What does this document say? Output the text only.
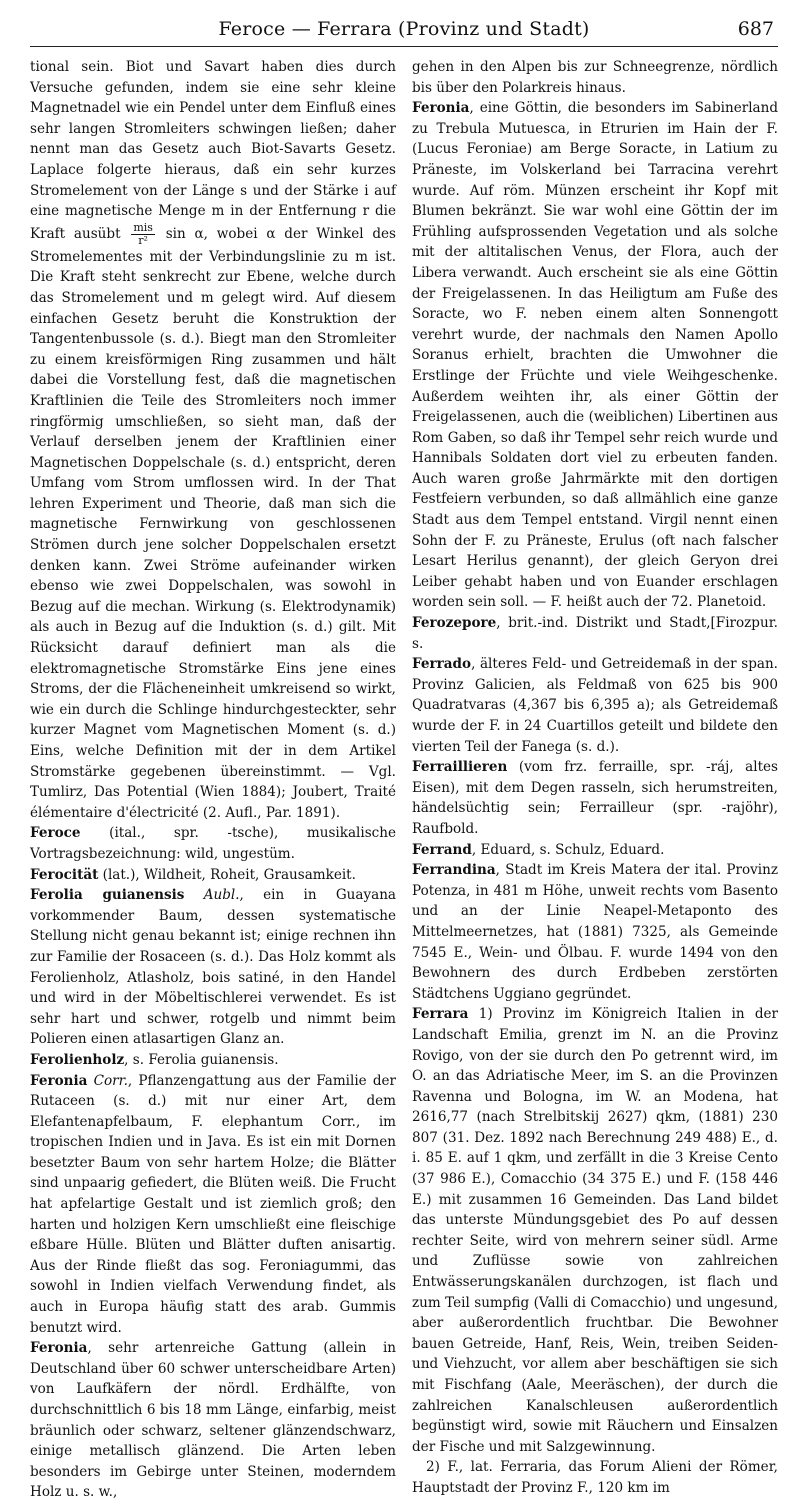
Feroce — Ferrara (Provinz und Stadt)	687

tional sein. Biot und Savart haben dies durch Versuche gefunden, indem sie eine sehr kleine Magnetnadel wie ein Pendel unter dem Einfluß eines sehr langen Stromleiters schwingen ließen; daher nennt man das Gesetz auch Biot-Savarts Gesetz. Laplace folgerte hieraus, daß ein sehr kurzes Stromelement von der Länge s und der Stärke i auf eine magnetische Menge m in der Entfernung r die Kraft ausübt $\frac{\text{mis}}{\text{r²}}$ sin α, wobei α der Winkel des Stromelementes mit der Verbindungslinie zu m ist. Die Kraft steht senkrecht zur Ebene, welche durch das Stromelement und m gelegt wird. Auf diesem einfachen Gesetz beruht die Konstruktion der Tangentenbussole (s. d.). Biegt man den Stromleiter zu einem kreisförmigen Ring zusammen und hält dabei die Vorstellung fest, daß die magnetischen Kraftlinien die Teile des Stromleiters noch immer ringförmig umschließen, so sieht man, daß der Verlauf derselben jenem der Kraftlinien einer Magnetischen Doppelschale (s. d.) entspricht, deren Umfang vom Strom umflossen wird. In der That lehren Experiment und Theorie, daß man sich die magnetische Fernwirkung von geschlossenen Strömen durch jene solcher Doppelschalen ersetzt denken kann. Zwei Ströme aufeinander wirken ebenso wie zwei Doppelschalen, was sowohl in Bezug auf die mechan. Wirkung (s. Elektrodynamik) als auch in Bezug auf die Induktion (s. d.) gilt. Mit Rücksicht darauf definiert man als die elektromagnetische Stromstärke Eins jene eines Stroms, der die Flächeneinheit umkreisend so wirkt, wie ein durch die Schlinge hindurchgesteckter, sehr kurzer Magnet vom Magnetischen Moment (s. d.) Eins, welche Definition mit der in dem Artikel Stromstärke gegebenen übereinstimmt. — Vgl. Tumlirz, Das Potential (Wien 1884); Joubert, Traité élémentaire d'électricité (2. Aufl., Par. 1891).

Feroce (ital., spr. -tsche), musikalische Vortragsbezeichnung: wild, ungestüm.

Ferocität (lat.), Wildheit, Roheit, Grausamkeit.

Ferolia guianensis Aubl., ein in Guayana vorkommender Baum, dessen systematische Stellung nicht genau bekannt ist; einige rechnen ihn zur Familie der Rosaceen (s. d.). Das Holz kommt als Ferolienholz, Atlasholz, bois satiné, in den Handel und wird in der Möbeltischlerei verwendet. Es ist sehr hart und schwer, rotgelb und nimmt beim Polieren einen atlasartigen Glanz an.

Ferolienholz, s. Ferolia guianensis.

Feronia Corr., Pflanzengattung aus der Familie der Rutaceen (s. d.) mit nur einer Art, dem Elefantenapfelbaum, F. elephantum Corr., im tropischen Indien und in Java. Es ist ein mit Dornen besetzter Baum von sehr hartem Holze; die Blätter sind unpaarig gefiedert, die Blüten weiß. Die Frucht hat apfelartige Gestalt und ist ziemlich groß; den harten und holzigen Kern umschließt eine fleischige eßbare Hülle. Blüten und Blätter duften anisartig. Aus der Rinde fließt das sog. Feroniagummi, das sowohl in Indien vielfach Verwendung findet, als auch in Europa häufig statt des arab. Gummis benutzt wird.

Feronia, sehr artenreiche Gattung (allein in Deutschland über 60 schwer unterscheidbare Arten) von Laufkäfern der nördl. Erdhälfte, von durchschnittlich 6 bis 18 mm Länge, einfarbig, meist bräunlich oder schwarz, seltener glänzendschwarz, einige metallisch glänzend. Die Arten leben besonders im Gebirge unter Steinen, moderndem Holz u. s. w.,

gehen in den Alpen bis zur Schneegrenze, nördlich bis über den Polarkreis hinaus.

Feronia, eine Göttin, die besonders im Sabinerland zu Trebula Mutuesca, in Etrurien im Hain der F. (Lucus Feroniae) am Berge Soracte, in Latium zu Präneste, im Volskerland bei Tarracina verehrt wurde. Auf röm. Münzen erscheint ihr Kopf mit Blumen bekränzt. Sie war wohl eine Göttin der im Frühling aufsprossenden Vegetation und als solche mit der altitalischen Venus, der Flora, auch der Libera verwandt. Auch erscheint sie als eine Göttin der Freigelassenen. In das Heiligtum am Fuße des Soracte, wo F. neben einem alten Sonnengott verehrt wurde, der nachmals den Namen Apollo Soranus erhielt, brachten die Umwohner die Erstlinge der Früchte und viele Weihgeschenke. Außerdem weihten ihr, als einer Göttin der Freigelassenen, auch die (weiblichen) Libertinen aus Rom Gaben, so daß ihr Tempel sehr reich wurde und Hannibals Soldaten dort viel zu erbeuten fanden. Auch waren große Jahrmärkte mit den dortigen Festfeiern verbunden, so daß allmählich eine ganze Stadt aus dem Tempel entstand. Virgil nennt einen Sohn der F. zu Präneste, Erulus (oft nach falscher Lesart Herilus genannt), der gleich Geryon drei Leiber gehabt haben und von Euander erschlagen worden sein soll. — F. heißt auch der 72. Planetoid.
[Firozpur.

Ferozepore, brit.-ind. Distrikt und Stadt, s.

Ferrado, älteres Feld- und Getreidemaß in der span. Provinz Galicien, als Feldmaß von 625 bis 900 Quadratvaras (4,367 bis 6,395 a); als Getreidemaß wurde der F. in 24 Cuartillos geteilt und bildete den vierten Teil der Fanega (s. d.).

Ferraillieren (vom frz. ferraille, spr. -ráj, altes Eisen), mit dem Degen rasseln, sich herumstreiten, händelsüchtig sein; Ferrailleur (spr. -rajöhr), Raufbold.

Ferrand, Eduard, s. Schulz, Eduard.

Ferrandina, Stadt im Kreis Matera der ital. Provinz Potenza, in 481 m Höhe, unweit rechts vom Basento und an der Linie Neapel-Metaponto des Mittelmeernetzes, hat (1881) 7325, als Gemeinde 7545 E., Wein- und Ölbau. F. wurde 1494 von den Bewohnern des durch Erdbeben zerstörten Städtchens Uggiano gegründet.

Ferrara 1) Provinz im Königreich Italien in der Landschaft Emilia, grenzt im N. an die Provinz Rovigo, von der sie durch den Po getrennt wird, im O. an das Adriatische Meer, im S. an die Provinzen Ravenna und Bologna, im W. an Modena, hat 2616,77 (nach Strelbitskij 2627) qkm, (1881) 230 807 (31. Dez. 1892 nach Berechnung 249 488) E., d. i. 85 E. auf 1 qkm, und zerfällt in die 3 Kreise Cento (37 986 E.), Comacchio (34 375 E.) und F. (158 446 E.) mit zusammen 16 Gemeinden. Das Land bildet das unterste Mündungsgebiet des Po auf dessen rechter Seite, wird von mehrern seiner südl. Arme und Zuflüsse sowie von zahlreichen Entwässerungskanälen durchzogen, ist flach und zum Teil sumpfig (Valli di Comacchio) und ungesund, aber außerordentlich fruchtbar. Die Bewohner bauen Getreide, Hanf, Reis, Wein, treiben Seiden- und Viehzucht, vor allem aber beschäftigen sie sich mit Fischfang (Aale, Meeräschen), der durch die zahlreichen Kanalschleusen außerordentlich begünstigt wird, sowie mit Räuchern und Einsalzen der Fische und mit Salzgewinnung.

2) F., lat. Ferraria, das Forum Alieni der Römer, Hauptstadt der Provinz F., 120 km im
